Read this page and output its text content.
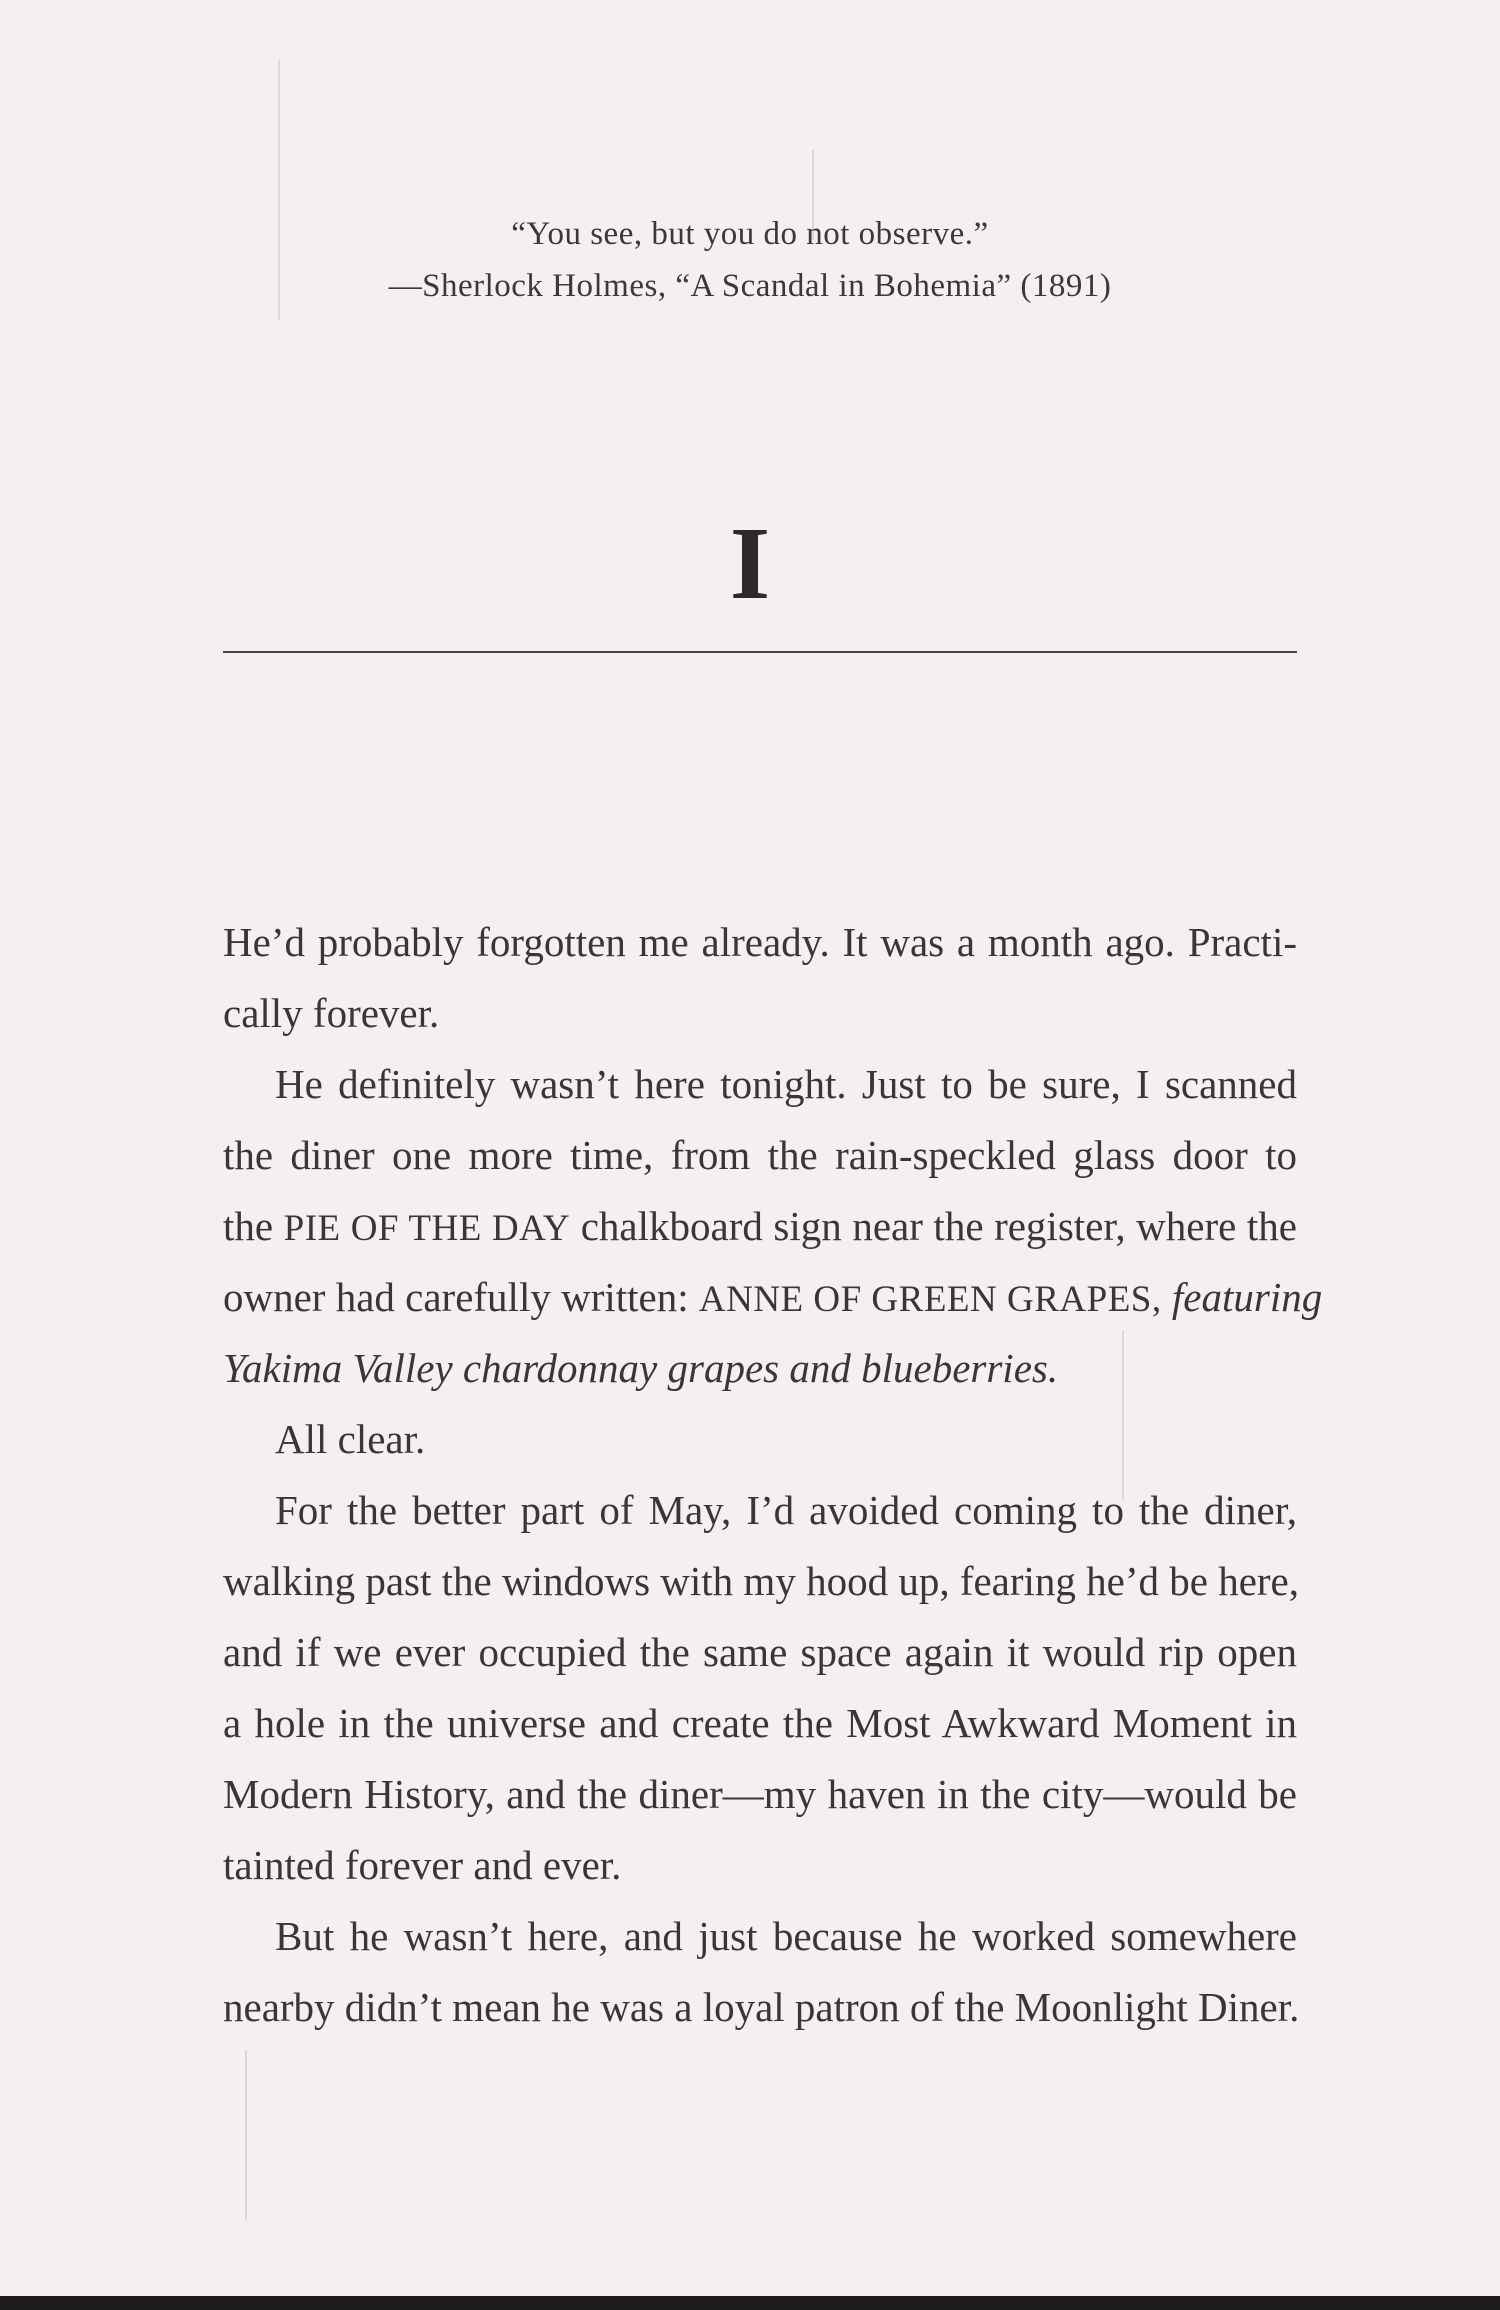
“You see, but you do not observe.”
—Sherlock Holmes, “A Scandal in Bohemia” (1891)
I
He’d probably forgotten me already. It was a month ago. Practi-
cally forever.
He definitely wasn’t here tonight. Just to be sure, I scanned
the diner one more time, from the rain-speckled glass door to
the PIE OF THE DAY chalkboard sign near the register, where the
owner had carefully written: ANNE OF GREEN GRAPES, featuring
Yakima Valley chardonnay grapes and blueberries.
All clear.
For the better part of May, I’d avoided coming to the diner,
walking past the windows with my hood up, fearing he’d be here,
and if we ever occupied the same space again it would rip open
a hole in the universe and create the Most Awkward Moment in
Modern History, and the diner—my haven in the city—would be
tainted forever and ever.
But he wasn’t here, and just because he worked somewhere
nearby didn’t mean he was a loyal patron of the Moonlight Diner.
